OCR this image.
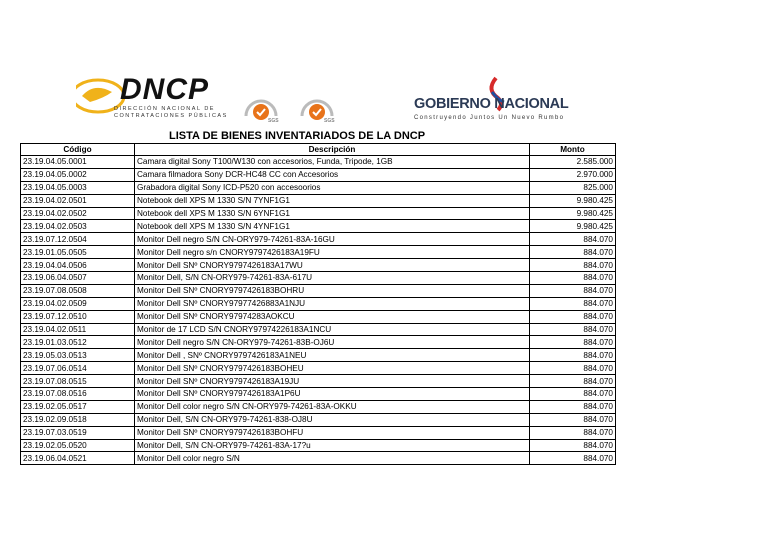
DNCP
DIRECCIÓN NACIONAL DE CONTRATACIONES PÚBLICAS
SGS	SGS
GOBIERNO NACIONAL
Construyendo Juntos Un Nuevo Rumbo
LISTA DE BIENES INVENTARIADOS DE LA DNCP
Código	Descripción	Monto
23.19.04.05.0001	Camara digital Sony T100/W130 con accesorios, Funda, Tripode, 1GB	2.585.000
23.19.04.05.0002	Camara filmadora Sony DCR-HC48 CC con Accesorios	2.970.000
23.19.04.05.0003	Grabadora digital Sony ICD-P520 con accesoorios	825.000
23.19.04.02.0501	Notebook dell XPS M 1330 S/N 7YNF1G1	9.980.425
23.19.04.02.0502	Notebook dell XPS M 1330 S/N 6YNF1G1	9.980.425
23.19.04.02.0503	Notebook dell XPS M 1330 S/N 4YNF1G1	9.980.425
23.19.07.12.0504	Monitor Dell negro S/N CN-ORY979-74261-83A-16GU	884.070
23.19.01.05.0505	Monitor Dell negro s/n CNORY9797426183A19FU	884.070
23.19.04.04.0506	Monitor Dell SNº CNORY9797426183A17WU	884.070
23.19.06.04.0507	Monitor Dell, S/N CN-ORY979-74261-83A-617U	884.070
23.19.07.08.0508	Monitor Dell SNº CNORY9797426183BOHRU	884.070
23.19.04.02.0509	Monitor Dell SNº CNORY97977426883A1NJU	884.070
23.19.07.12.0510	Monitor Dell SNº CNORY97974283AOKCU	884.070
23.19.04.02.0511	Monitor de 17 LCD S/N CNORY97974226183A1NCU	884.070
23.19.01.03.0512	Monitor Dell negro S/N CN-ORY979-74261-83B-OJ6U	884.070
23.19.05.03.0513	Monitor Dell , SNº CNORY9797426183A1NEU	884.070
23.19.07.06.0514	Monitor Dell SNº CNORY9797426183BOHEU	884.070
23.19.07.08.0515	Monitor Dell SNº CNORY9797426183A19JU	884.070
23.19.07.08.0516	Monitor Dell SNº CNORY9797426183A1P6U	884.070
23.19.02.05.0517	Monitor Dell color negro S/N CN-ORY979-74261-83A-OKKU	884.070
23.19.02.09.0518	Monitor Dell, S/N CN-ORY979-74261-838-OJ8U	884.070
23.19.07.03.0519	Monitor Dell SNº CNORY9797426183BOHFU	884.070
23.19.02.05.0520	Monitor Dell, S/N CN-ORY979-74261-83A-17?u	884.070
23.19.06.04.0521	Monitor Dell color negro S/N	884.070
